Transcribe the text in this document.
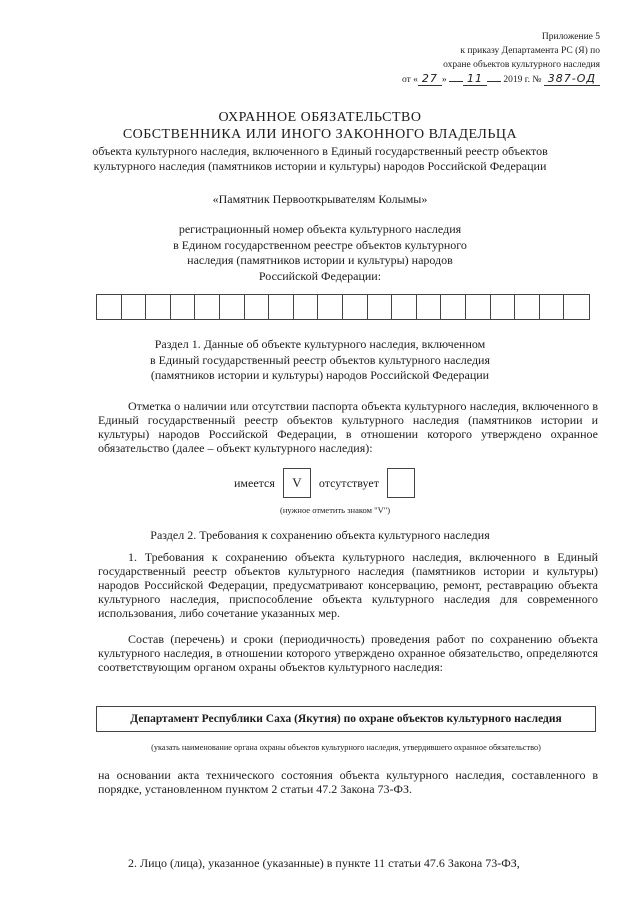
Приложение 5
к приказу Департамента РС (Я) по
охране объектов культурного наследия
от « 27 » 11 2019 г. № 387-ОД
ОХРАННОЕ ОБЯЗАТЕЛЬСТВО
СОБСТВЕННИКА ИЛИ ИНОГО ЗАКОННОГО ВЛАДЕЛЬЦА
объекта культурного наследия, включенного в Единый государственный реестр объектов
культурного наследия (памятников истории и культуры) народов Российской Федерации
«Памятник Первооткрывателям Колымы»
регистрационный номер объекта культурного наследия
в Едином государственном реестре объектов культурного
наследия (памятников истории и культуры) народов
Российской Федерации:
Раздел 1. Данные об объекте культурного наследия, включенном
в Единый государственный реестр объектов культурного наследия
(памятников истории и культуры) народов Российской Федерации
Отметка о наличии или отсутствии паспорта объекта культурного наследия, включенного в Единый государственный реестр объектов культурного наследия (памятников истории и культуры) народов Российской Федерации, в отношении которого утверждено охранное обязательство (далее – объект культурного наследия):
имеется	V	отсутствует
(нужное отметить знаком "V")
Раздел 2. Требования к сохранению объекта культурного наследия
1. Требования к сохранению объекта культурного наследия, включенного в Единый государственный реестр объектов культурного наследия (памятников истории и культуры) народов Российской Федерации, предусматривают консервацию, ремонт, реставрацию объекта культурного наследия, приспособление объекта культурного наследия для современного использования, либо сочетание указанных мер.
Состав (перечень) и сроки (периодичность) проведения работ по сохранению объекта культурного наследия, в отношении которого утверждено охранное обязательство, определяются соответствующим органом охраны объектов культурного наследия:
Департамент Республики Саха (Якутия) по охране объектов культурного наследия
(указать наименование органа охраны объектов культурного наследия, утвердившего охранное обязательство)
на основании акта технического состояния объекта культурного наследия, составленного в порядке, установленном пунктом 2 статьи 47.2 Закона 73-ФЗ.
2. Лицо (лица), указанное (указанные) в пункте 11 статьи 47.6 Закона 73-ФЗ,
